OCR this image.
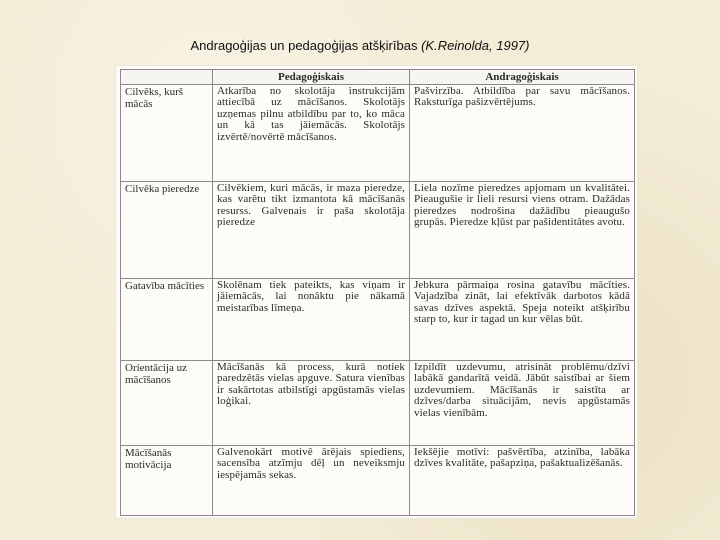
Andragoģijas un pedagoģijas atšķirības (K.Reinolda, 1997)
	Pedagoģiskais	Andragoģiskais
Cilvēks, kurš mācās	Atkarība no skolotāja instrukcijām attiecībā uz mācīšanos. Skolotājs uzņemas pilnu atbildību par to, ko māca un kā tas jāiemācās. Skolotājs izvērtē/novērtē mācīšanos.	Pašvirzība. Atbildība par savu mācīšanos. Raksturīga pašizvērtējums.
Cilvēka pieredze	Cilvēkiem, kuri mācās, ir maza pieredze, kas varētu tikt izmantota kā mācīšanās resurss. Galvenais ir paša skolotāja pieredze	Liela nozīme pieredzes apjomam un kvalitātei. Pieaugušie ir lieli resursi viens otram. Dažādas pieredzes nodrošina dažādību pieaugušo grupās. Pieredze kļūst par pašidentitātes avotu.
Gatavība mācīties	Skolēnam tiek pateikts, kas viņam ir jāiemācās, lai nonāktu pie nākamā meistarības līmeņa.	Jebkura pārmaiņa rosina gatavību mācīties. Vajadzība zināt, lai efektīvāk darbotos kādā savas dzīves aspektā. Speja noteikt atšķirību starp to, kur ir tagad un kur vēlas būt.
Orientācija uz mācīšanos	Mācīšanās kā process, kurā notiek paredzētās vielas apguve. Satura vienības ir sakārtotas atbilstīgi apgūstamās vielas loģikai.	Izpildīt uzdevumu, atrisināt problēmu/dzīvi labākā gandarītā veidā. Jābūt saistībai ar šiem uzdevumiem. Mācīšanās ir saistīta ar dzīves/darba situācijām, nevis apgūstamās vielas vienībām.
Mācīšanās motivācija	Galvenokārt motivē ārējais spiediens, sacensība atzīmju dēļ un neveiksmju iespējamās sekas.	Iekšējie motīvi: pašvērtība, atzinība, labāka dzīves kvalitāte, pašapziņa, pašaktualizēšanās.
